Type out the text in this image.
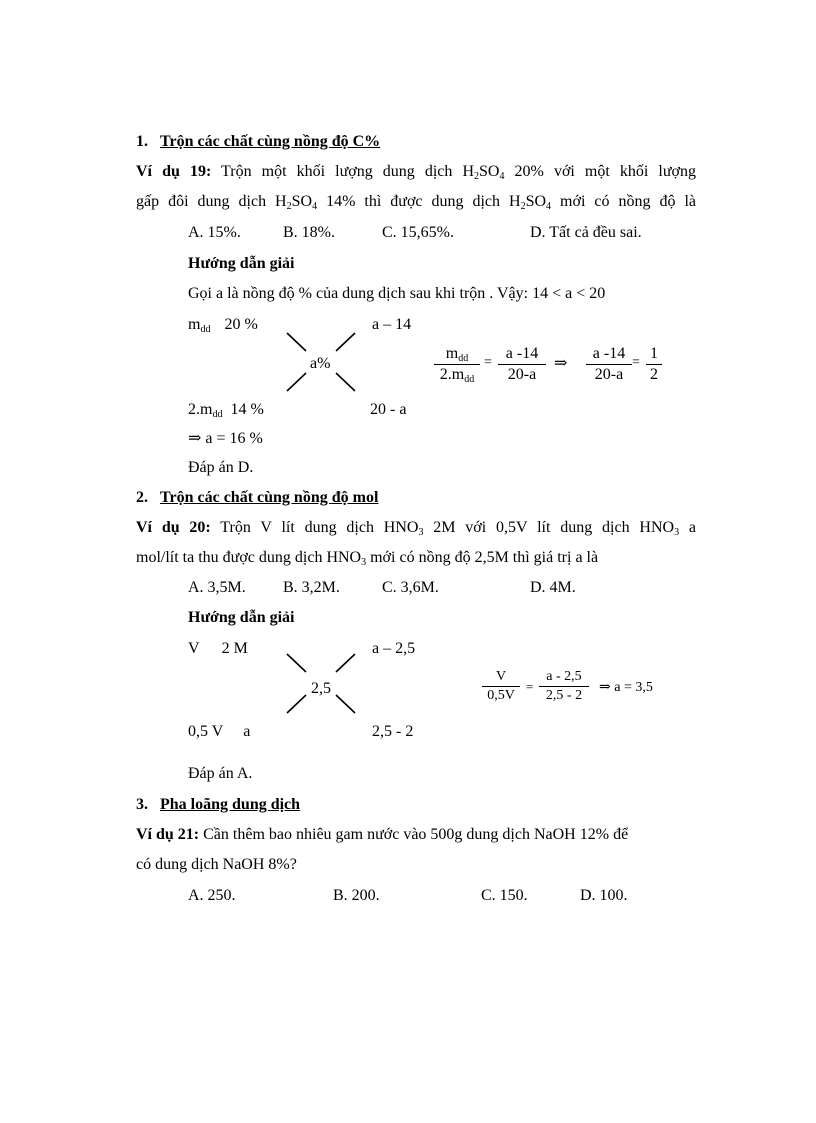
1. Trộn các chất cùng nồng độ C%
Ví dụ 19: Trộn một khối lượng dung dịch $H_2SO_4$ 20% với một khối lượng
gấp đôi dung dịch $H_2SO_4$ 14% thì được dung dịch $H_2SO_4$ mới có nồng độ là
A. 15%.	B. 18%.	C. 15,65%.	D. Tất cả đều sai.
Hướng dẫn giải
Gọi a là nồng độ % của dung dịch sau khi trộn . Vậy: 14 < a < 20
$m_{dd}$ 20 %	a – 14
a%
$2.m_{dd}$ 14 %	20 - a
$m_{dd}$
$2.m_{dd}$
= $\frac{a -14}{20-a}$ ⇒ $\frac{a -14}{20-a} = \frac{1}{2}$
⇒ a = 16 %
Đáp án D.
2. Trộn các chất cùng nồng độ mol
Ví dụ 20: Trộn V lít dung dịch $HNO_3$ 2M với 0,5V lít dung dịch $HNO_3$ a
mol/lít ta thu được dung dịch $HNO_3$ mới có nồng độ 2,5M thì giá trị a là
A. 3,5M. B. 3,2M.	C. 3,6M.	D. 4M.
Hướng dẫn giải
V 2 M	a – 2,5
2,5
0,5 V a	2,5 - 2
$\frac{V}{0,5V} = \frac{a - 2,5}{2,5 - 2}$ ⇒ a = 3,5
Đáp án A.
3. Pha loãng dung dịch
Ví dụ 21: Cần thêm bao nhiêu gam nước vào 500g dung dịch NaOH 12% để
có dung dịch NaOH 8%?
A. 250.	B. 200.	C. 150.	D. 100.
